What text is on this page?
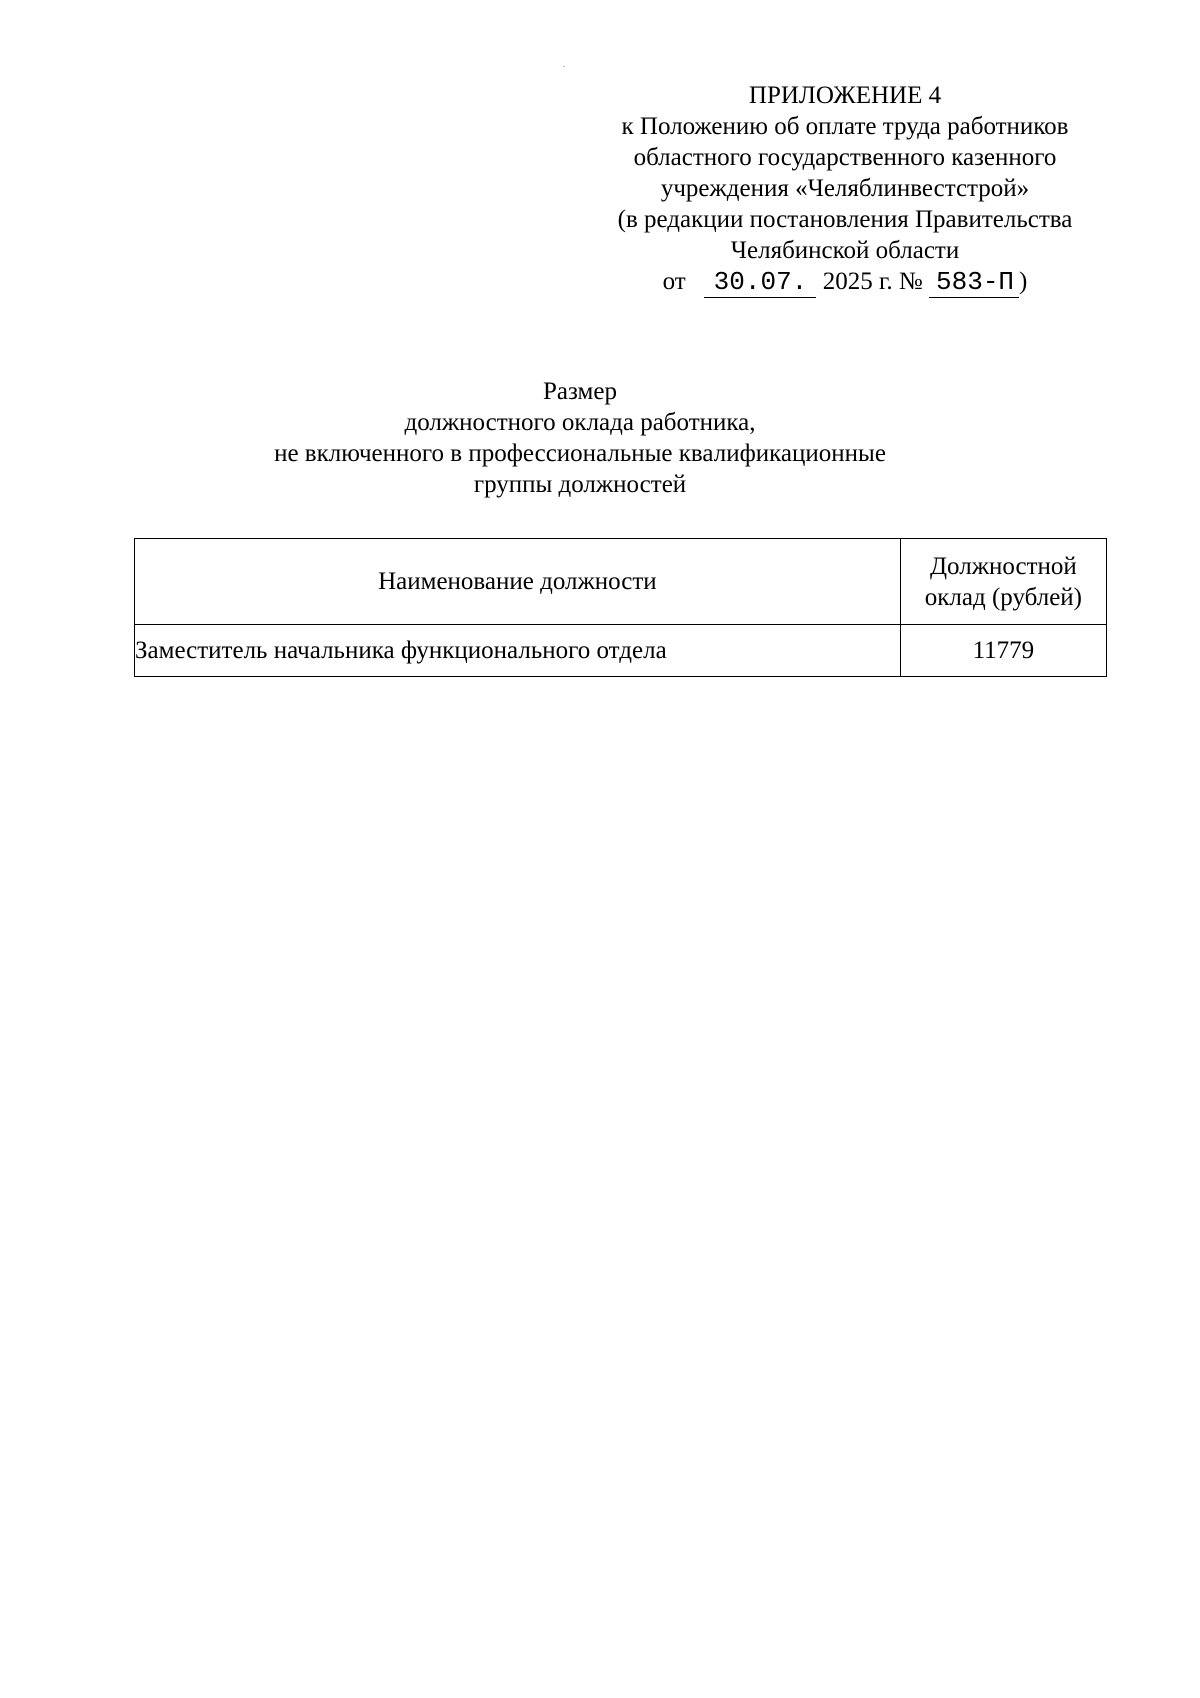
ПРИЛОЖЕНИЕ 4
к Положению об оплате труда работников
областного государственного казенного
учреждения «Челяблинвестстрой»
(в редакции постановления Правительства
Челябинской области
от 30.07. 2025 г. № 583-П )
Размер
должностного оклада работника,
не включенного в профессиональные квалификационные
группы должностей
Наименование должности	Должностной
оклад (рублей)
Заместитель начальника функционального отдела	11779
